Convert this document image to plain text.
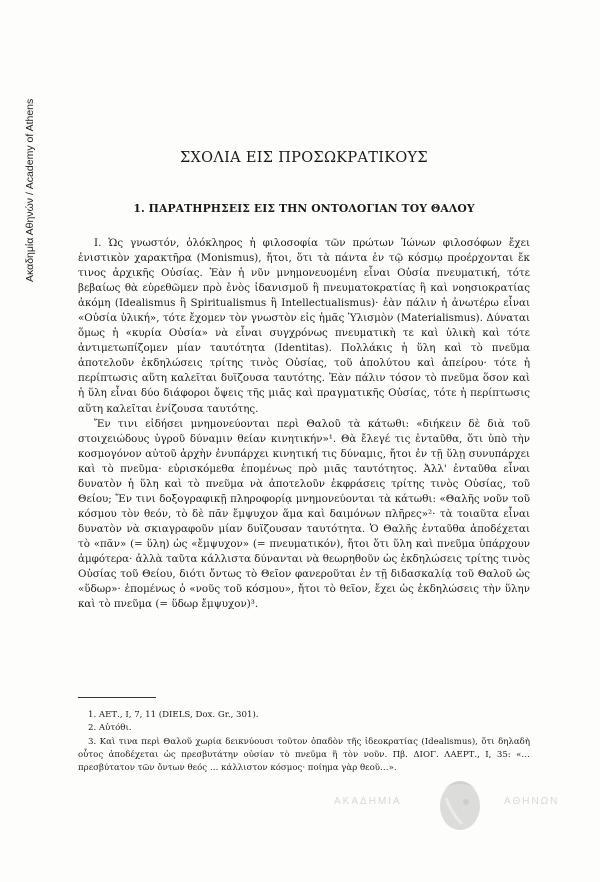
Ακαδημία Αθηνών / Academy of Athens	ΣΧΟΛΙΑ ΕΙΣ ΠΡΟΣΩΚΡΑΤΙΚΟΥΣ
1. ΠΑΡΑΤΗΡΗΣΕΙΣ ΕΙΣ ΤΗΝ ΟΝΤΟΛΟΓΙΑΝ ΤΟΥ ΘΑΛΟΥ

I. Ὡς γνωστόν, ὁλόκληρος ἡ φιλοσοφία τῶν πρώτων Ἰώνων φιλοσόφων ἔχει ἐνιστικὸν χαρακτῆρα (Monismus), ἤτοι, ὅτι τὰ πάντα ἐν τῷ κόσμῳ προέρχονται ἔκ τινος ἀρχικῆς Οὐσίας. Ἐὰν ἡ νῦν μνημονευομένη εἶναι Οὐσία πνευματική, τότε βεβαίως θὰ εὑρεθῶμεν πρὸ ἑνὸς ἰδανισμοῦ ἢ πνευματοκρατίας ἢ καὶ νοησιοκρατίας ἀκόμη (Idealismus ἢ Spiritualismus ἢ Intellectualismus)· ἐὰν πάλιν ἡ ἀνωτέρω εἶναι «Οὐσία ὑλική», τότε ἔχομεν τὸν γνωστὸν εἰς ἡμᾶς Ὑλισμὸν (Materialismus). Δύναται ὅμως ἡ «κυρία Οὐσία» νὰ εἶναι συγχρόνως πνευματικὴ τε καὶ ὑλικὴ καὶ τότε ἀντιμετωπίζομεν μίαν ταυτότητα (Identitas). Πολλάκις ἡ ὕλη καὶ τὸ πνεῦμα ἀποτελοῦν ἐκδηλώσεις τρίτης τινὸς Οὐσίας, τοῦ ἀπολύτου καὶ ἀπείρου· τότε ἡ περίπτωσις αὕτη καλεῖται δυϊζουσα ταυτότης. Ἐὰν πάλιν τόσον τὸ πνεῦμα ὅσον καὶ ἡ ὕλη εἶναι δύο διάφοροι ὄψεις τῆς μιᾶς καὶ πραγματικῆς Οὐσίας, τότε ἡ περίπτωσις αὕτη καλεῖται ἐνίζουσα ταυτότης.

Ἔν τινι εἰδήσει μνημονεύονται περὶ Θαλοῦ τὰ κάτωθι: «διήκειν δὲ διὰ τοῦ στοιχειώδους ὑγροῦ δύναμιν θείαν κινητικήν»¹. Θὰ ἔλεγέ τις ἐνταῦθα, ὅτι ὑπὸ τὴν κοσμογόνον αὐτοῦ ἀρχὴν ἐνυπάρχει κινητική τις δύναμις, ἤτοι ἐν τῇ ὕλῃ συνυπάρχει καὶ τὸ πνεῦμα· εὑρισκόμεθα ἑπομένως πρὸ μιᾶς ταυτότητος. Ἀλλ' ἐνταῦθα εἶναι δυνατὸν ἡ ὕλη καὶ τὸ πνεῦμα νὰ ἀποτελοῦν ἐκφράσεις τρίτης τινὸς Οὐσίας, τοῦ Θείου; Ἔν τινι δοξογραφικῇ πληροφορίᾳ μνημονεύονται τὰ κάτωθι: «Θαλῆς νοῦν τοῦ κόσμου τὸν θεόν, τὸ δὲ πᾶν ἔμψυχον ἅμα καὶ δαιμόνων πλῆρες»²· τὰ τοιαῦτα εἶναι δυνατὸν νὰ σκιαγραφοῦν μίαν δυϊζουσαν ταυτότητα. Ὁ Θαλῆς ἐνταῦθα ἀποδέχεται τὸ «πᾶν» (= ὕλη) ὡς «ἔμψυχον» (= πνευματικόν), ἤτοι ὅτι ὕλη καὶ πνεῦμα ὑπάρχουν ἀμφότερα· ἀλλὰ ταῦτα κάλλιστα δύνανται νὰ θεωρηθοῦν ὡς ἐκδηλώσεις τρίτης τινὸς Οὐσίας τοῦ Θείου, διότι ὄντως τὸ Θεῖον φανεροῦται ἐν τῇ διδασκαλίᾳ τοῦ Θαλοῦ ὡς «ὕδωρ»· ἑπομένως ὁ «νοῦς τοῦ κόσμου», ἤτοι τὸ θεῖον, ἔχει ὡς ἐκδηλώσεις τὴν ὕλην καὶ τὸ πνεῦμα (= ὕδωρ ἔμψυχον)³.

1. ΑΕΤ., Ι, 7, 11 (DIELS, Dox. Gr., 301).

2. Αὐτόθι.

3. Καὶ τινα περὶ Θαλοῦ χωρία δεικνύουσι τοῦτον ὀπαδὸν τῆς ἰδεοκρατίας (Idealismus), ὅτι δηλαδὴ οὗτος ἀποδέχεται ὡς πρεσβυτάτην οὐσίαν τὸ πνεῦμα ἢ τὸν νοῦν. Πβ. ΔΙΟΓ. ΛΑΕΡΤ., Ι, 35: «… πρεσβύτατον τῶν ὄντων θεός … κάλλιστον κόσμος· ποίημα γὰρ θεοῦ…».

ΑΚΑΔΗΜΙΑ	ΑΘΗΝΩΝ
